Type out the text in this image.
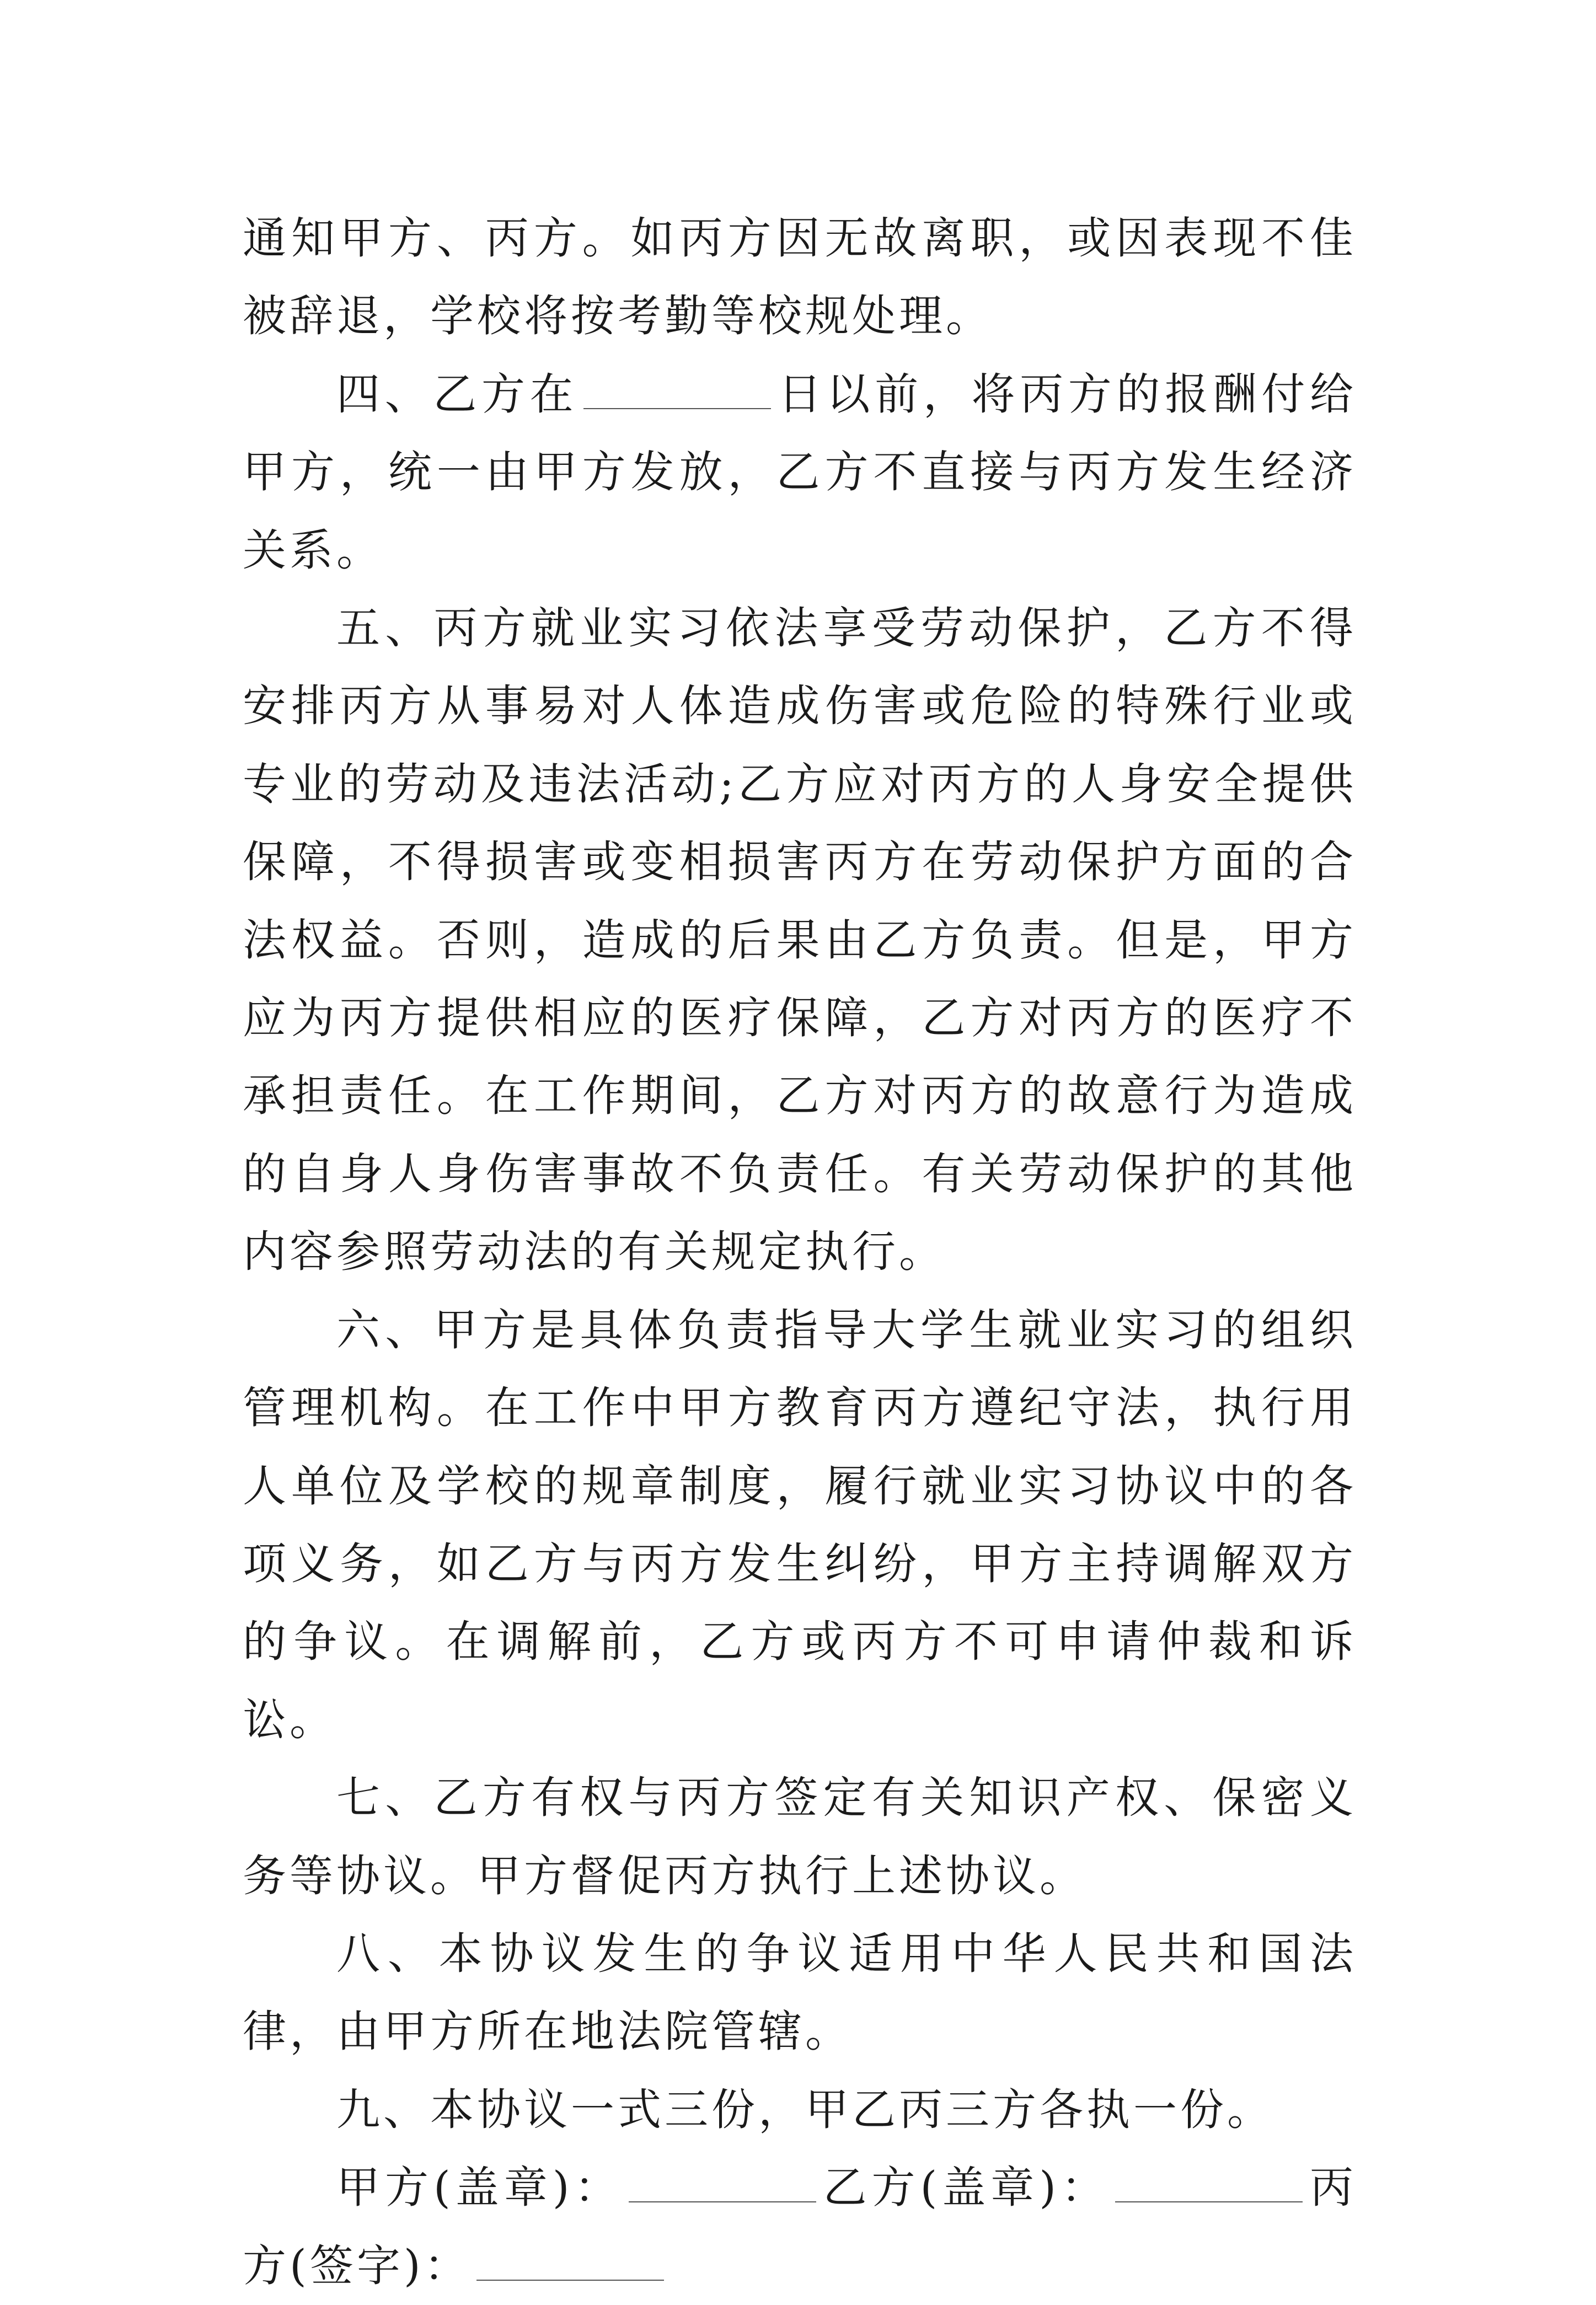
通知甲方、丙方。如丙方因无故离职，或因表现不佳被辞退，学校将按考勤等校规处理。

四、乙方在	日以前，将丙方的报酬付给甲方，统一由甲方发放，乙方不直接与丙方发生经济关系。

五、丙方就业实习依法享受劳动保护，乙方不得安排丙方从事易对人体造成伤害或危险的特殊行业或专业的劳动及违法活动;乙方应对丙方的人身安全提供保障，不得损害或变相损害丙方在劳动保护方面的合法权益。否则，造成的后果由乙方负责。但是，甲方应为丙方提供相应的医疗保障，乙方对丙方的医疗不承担责任。在工作期间，乙方对丙方的故意行为造成的自身人身伤害事故不负责任。有关劳动保护的其他内容参照劳动法的有关规定执行。

六、甲方是具体负责指导大学生就业实习的组织管理机构。在工作中甲方教育丙方遵纪守法，执行用人单位及学校的规章制度，履行就业实习协议中的各项义务，如乙方与丙方发生纠纷，甲方主持调解双方的争议。在调解前，乙方或丙方不可申请仲裁和诉讼。

七、乙方有权与丙方签定有关知识产权、保密义务等协议。甲方督促丙方执行上述协议。

八、本协议发生的争议适用中华人民共和国法律，由甲方所在地法院管辖。

九、本协议一式三份，甲乙丙三方各执一份。

甲方(盖章)：	乙方(盖章)：	丙方(签字)：
